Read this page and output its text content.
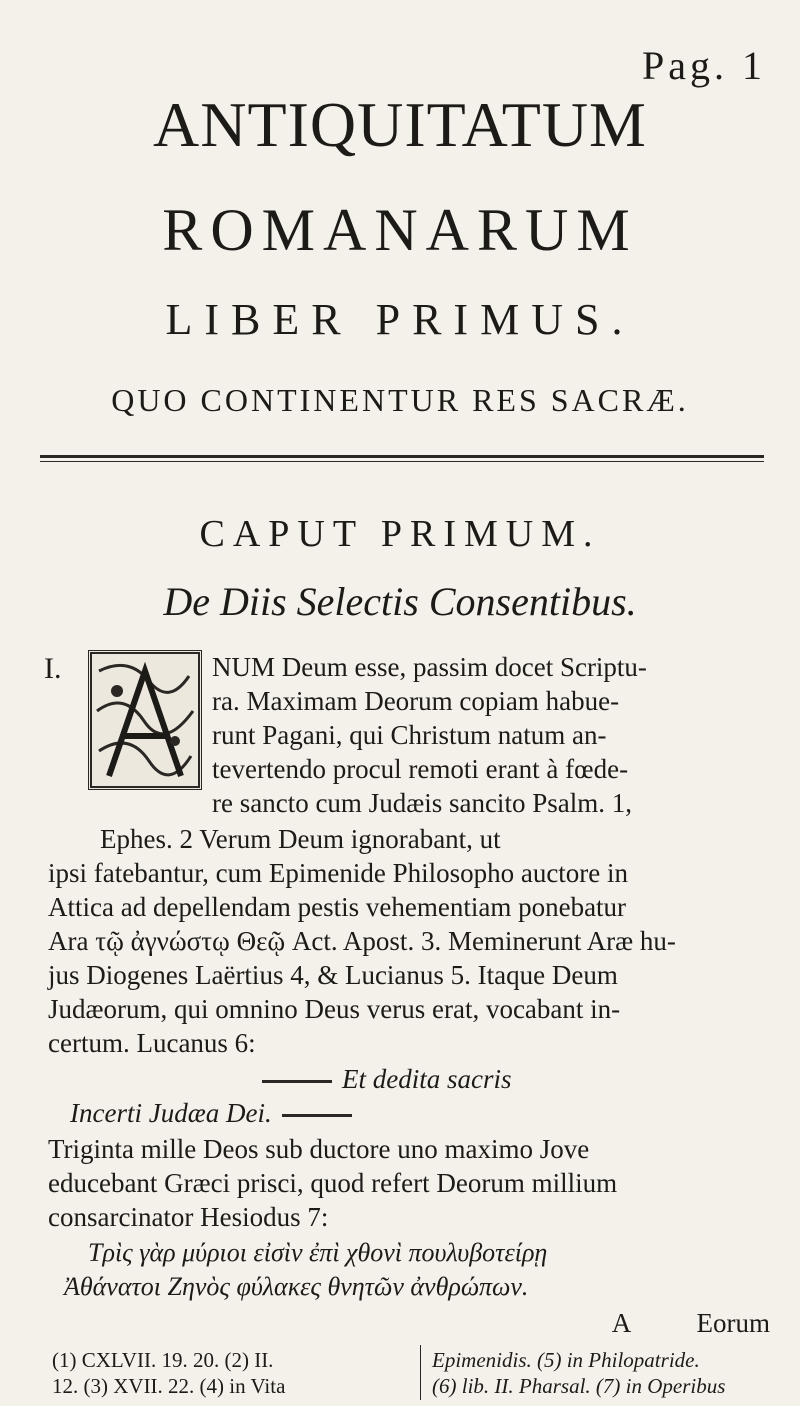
Pag. 1
ANTIQUITATUM
ROMANARUM
LIBER PRIMUS.
QUO CONTINENTUR RES SACRÆ.
CAPUT PRIMUM.
De Diis Selectis Consentibus.
I.	NUM Deum esse, passim docet Scriptu-
ra. Maximam Deorum copiam habue-
runt Pagani, qui Christum natum an-
tevertendo procul remoti erant à fœde-
re sancto cum Judæis sancito Psalm. 1,
Ephes. 2 Verum Deum ignorabant, ut
ipsi fatebantur, cum Epimenide Philosopho auctore in
Attica ad depellendam pestis vehementiam ponebatur
Ara τῷ ἀγνώστῳ Θεῷ Act. Apost. 3. Meminerunt Aræ hu-
jus Diogenes Laërtius 4, & Lucianus 5. Itaque Deum
Judæorum, qui omnino Deus verus erat, vocabant in-
certum. Lucanus 6:
Et dedita sacris
Incerti Judæa Dei.
Triginta mille Deos sub ductore uno maximo Jove
educebant Græci prisci, quod refert Deorum millium
consarcinator Hesiodus 7:
Τρὶς γὰρ μύριοι εἰσὶν ἐπὶ χθονὶ πουλυβοτείρῃ
Ἀθάνατοι Ζηνὸς φύλακες θνητῶν ἀνθρώπων.
A Eorum
(1) CXLVII. 19. 20. (2) II.
12. (3) XVII. 22. (4) in Vita
Epimenidis. (5) in Philopatride.
(6) lib. II. Pharsal. (7) in Operibus
